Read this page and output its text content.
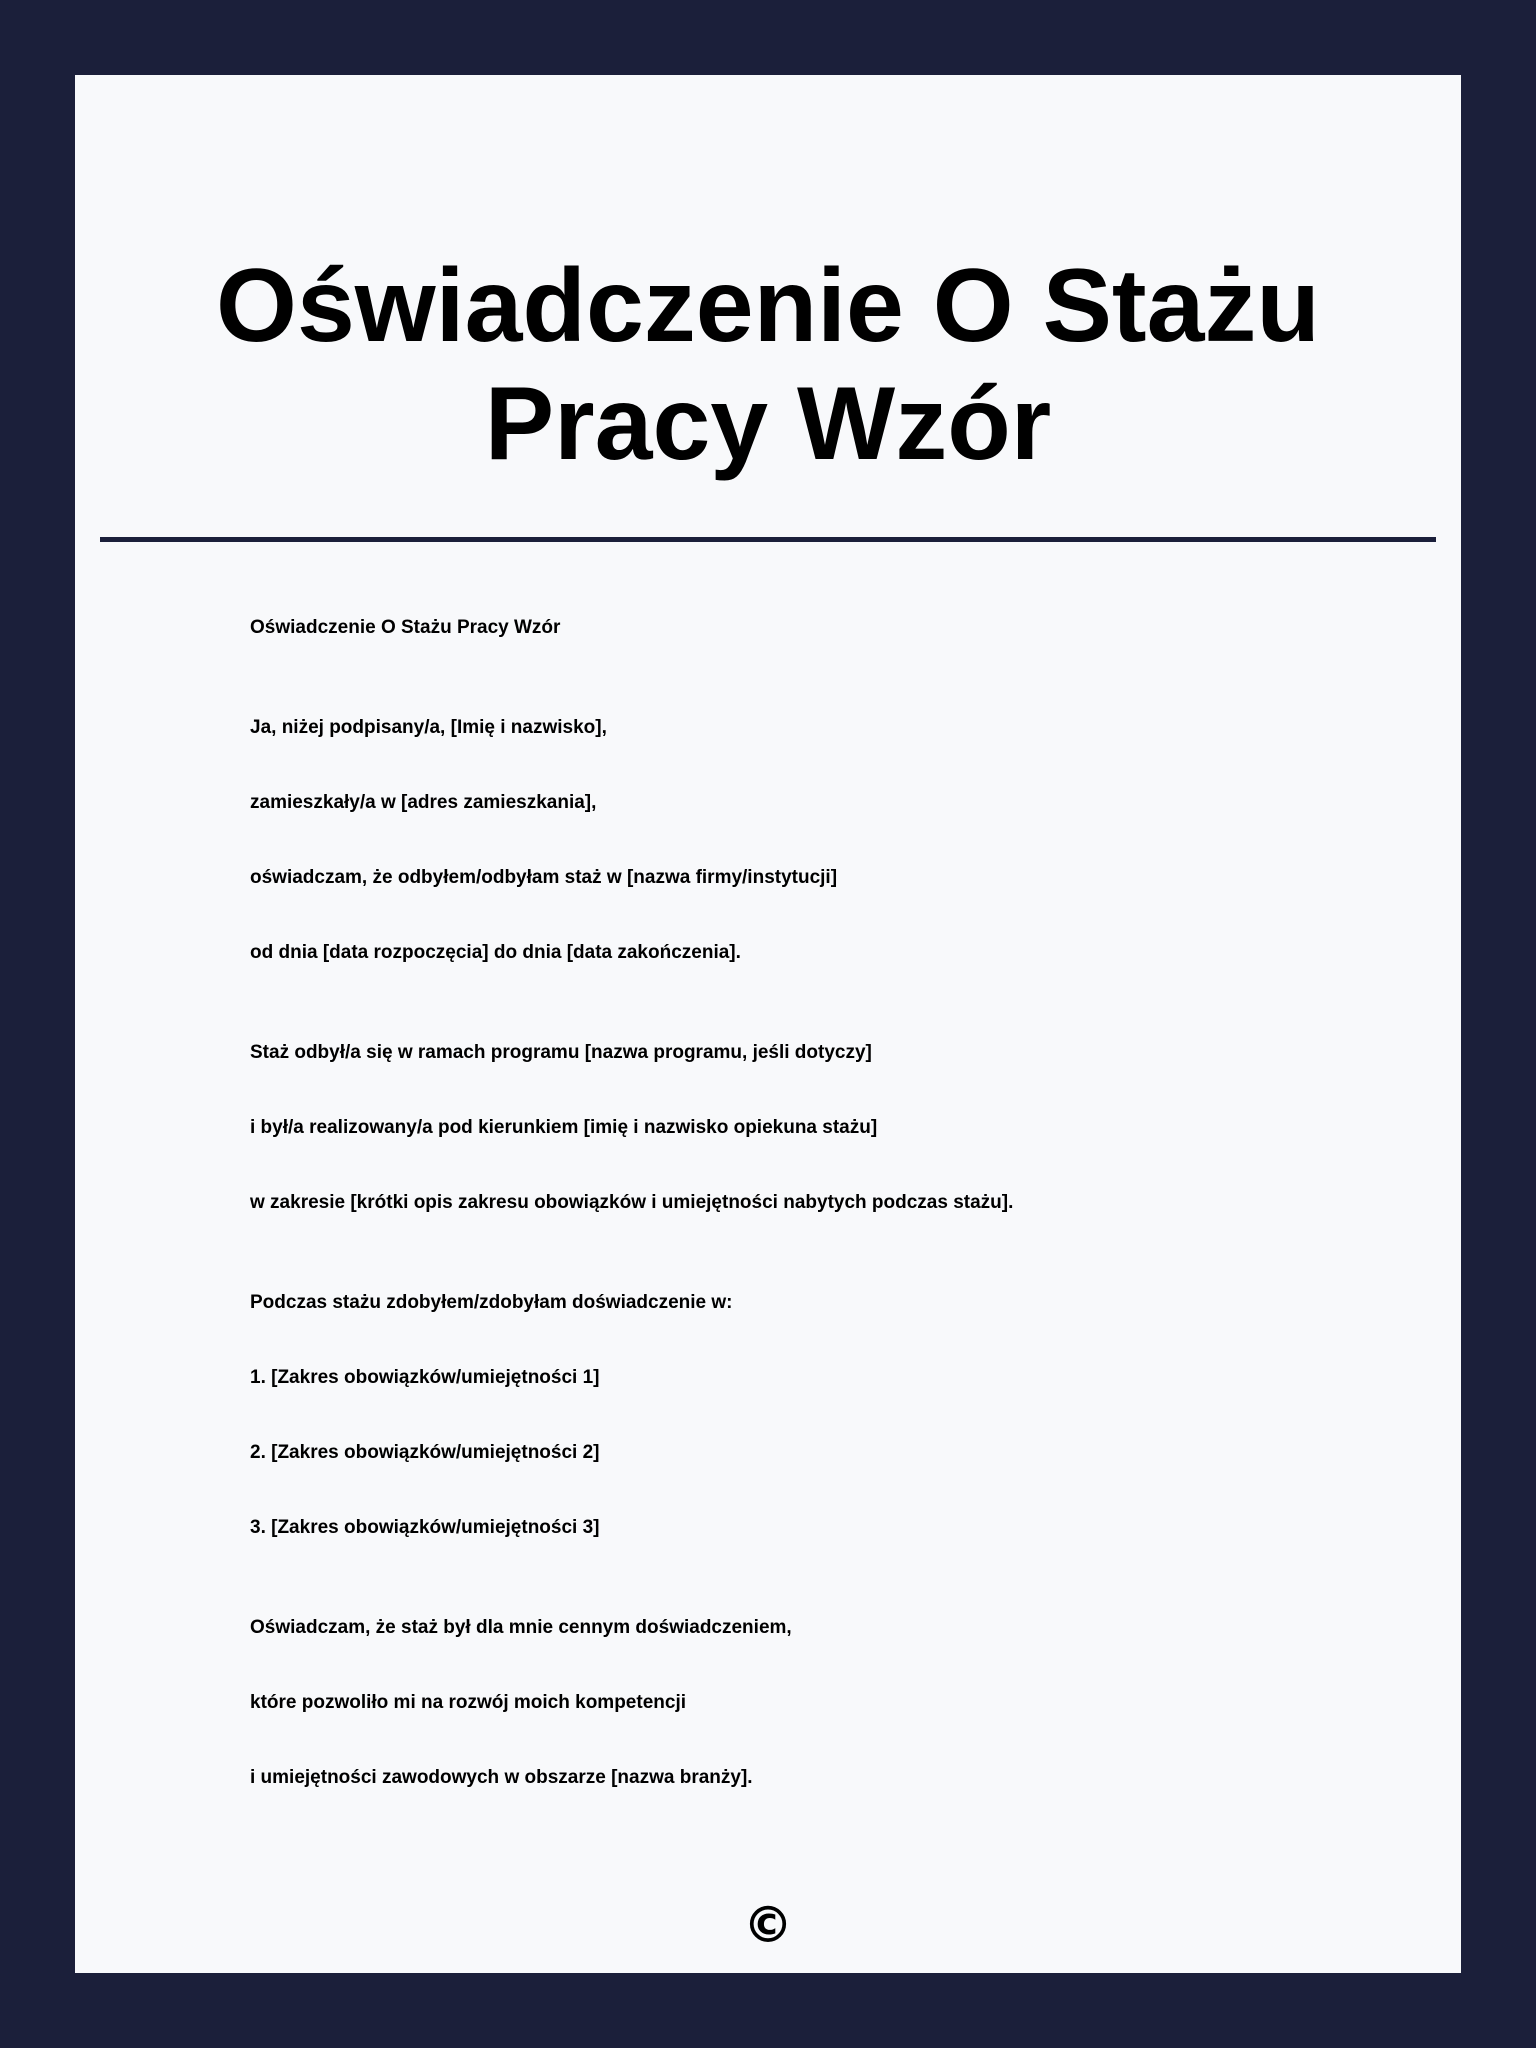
Oświadczenie O Stażu Pracy Wzór
Oświadczenie O Stażu Pracy Wzór
Ja, niżej podpisany/a, [Imię i nazwisko],
zamieszkały/a w [adres zamieszkania],
oświadczam, że odbyłem/odbyłam staż w [nazwa firmy/instytucji]
od dnia [data rozpoczęcia] do dnia [data zakończenia].
Staż odbył/a się w ramach programu [nazwa programu, jeśli dotyczy]
i był/a realizowany/a pod kierunkiem [imię i nazwisko opiekuna stażu]
w zakresie [krótki opis zakresu obowiązków i umiejętności nabytych podczas stażu].
Podczas stażu zdobyłem/zdobyłam doświadczenie w:
1. [Zakres obowiązków/umiejętności 1]
2. [Zakres obowiązków/umiejętności 2]
3. [Zakres obowiązków/umiejętności 3]
Oświadczam, że staż był dla mnie cennym doświadczeniem,
które pozwoliło mi na rozwój moich kompetencji
i umiejętności zawodowych w obszarze [nazwa branży].
©
